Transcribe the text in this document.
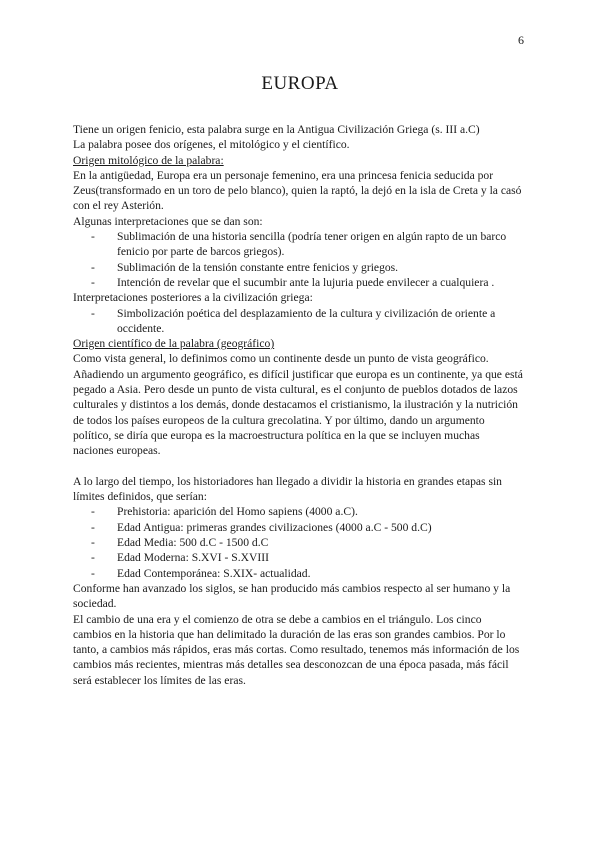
6
EUROPA

Tiene un origen fenicio, esta palabra surge en la Antigua Civilización Griega (s. III a.C)

La palabra posee dos orígenes, el mitológico y el científico.

Origen mitológico de la palabra:

En la antigüedad, Europa era un personaje femenino, era una princesa fenicia seducida por Zeus(transformado en un toro de pelo blanco), quien la raptó, la dejó en la isla de Creta y la casó con el rey Asterión.

Algunas interpretaciones que se dan son:

- Sublimación de una historia sencilla (podría tener origen en algún rapto de un barco fenicio por parte de barcos griegos).
- Sublimación de la tensión constante entre fenicios y griegos.
- Intención de revelar que el sucumbir ante la lujuria puede envilecer a cualquiera .

Interpretaciones posteriores a la civilización griega:

- Simbolización poética del desplazamiento de la cultura y civilización de oriente a occidente.

Origen científico de la palabra (geográfico)

Como vista general, lo definimos como un continente desde un punto de vista geográfico. Añadiendo un argumento geográfico, es difícil justificar que europa es un continente, ya que está pegado a Asia. Pero desde un punto de vista cultural, es el conjunto de pueblos dotados de lazos culturales y distintos a los demás, donde destacamos el cristianismo, la ilustración y la nutrición de todos los países europeos de la cultura grecolatina. Y por último, dando un argumento político, se diría que europa es la macroestructura política en la que se incluyen muchas naciones europeas.

A lo largo del tiempo, los historiadores han llegado a dividir la historia en grandes etapas sin límites definidos, que serían:

- Prehistoria: aparición del Homo sapiens (4000 a.C).
- Edad Antigua: primeras grandes civilizaciones (4000 a.C - 500 d.C)
- Edad Media: 500 d.C - 1500 d.C
- Edad Moderna: S.XVI - S.XVIII
- Edad Contemporánea: S.XIX- actualidad.

Conforme han avanzado los siglos, se han producido más cambios respecto al ser humano y la sociedad.

El cambio de una era y el comienzo de otra se debe a cambios en el triángulo. Los cinco cambios en la historia que han delimitado la duración de las eras son grandes cambios. Por lo tanto, a cambios más rápidos, eras más cortas. Como resultado, tenemos más información de los cambios más recientes, mientras más detalles sea desconozcan de una época pasada, más fácil será establecer los límites de las eras.
